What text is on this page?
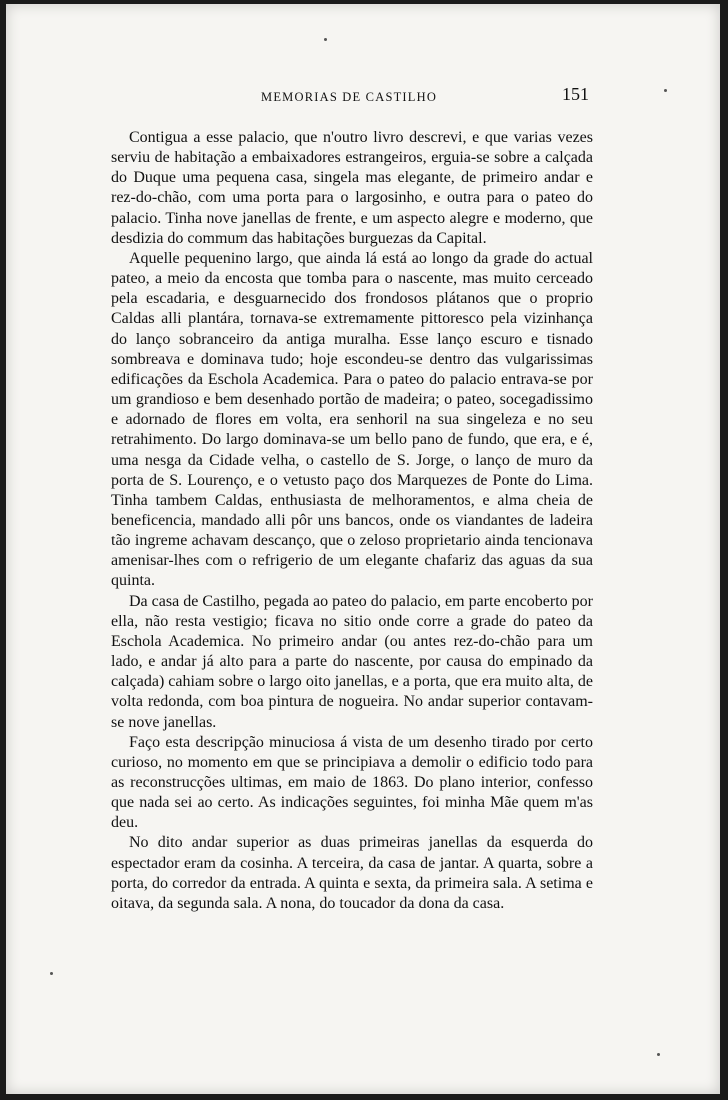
MEMORIAS DE CASTILHO	151

Contigua a esse palacio, que n'outro livro descrevi, e que varias vezes serviu de habitação a embaixadores estrangeiros, erguia-se sobre a calçada do Duque uma pequena casa, singela mas elegante, de primeiro andar e rez-do-chão, com uma porta para o largosinho, e outra para o pateo do palacio. Tinha nove janellas de frente, e um aspecto alegre e moderno, que desdizia do commum das habitações burguezas da Capital.

Aquelle pequenino largo, que ainda lá está ao longo da grade do actual pateo, a meio da encosta que tomba para o nascente, mas muito cerceado pela escadaria, e desguarnecido dos frondosos plátanos que o proprio Caldas alli plantára, tornava-se extremamente pittoresco pela vizinhança do lanço sobranceiro da antiga muralha. Esse lanço escuro e tisnado sombreava e dominava tudo; hoje escondeu-se dentro das vulgarissimas edificações da Eschola Academica. Para o pateo do palacio entrava-se por um grandioso e bem desenhado portão de madeira; o pateo, socegadissimo e adornado de flores em volta, era senhoril na sua singeleza e no seu retrahimento. Do largo dominava-se um bello pano de fundo, que era, e é, uma nesga da Cidade velha, o castello de S. Jorge, o lanço de muro da porta de S. Lourenço, e o vetusto paço dos Marquezes de Ponte do Lima. Tinha tambem Caldas, enthusiasta de melhoramentos, e alma cheia de beneficencia, mandado alli pôr uns bancos, onde os viandantes de ladeira tão ingreme achavam descanço, que o zeloso proprietario ainda tencionava amenisar-lhes com o refrigerio de um elegante chafariz das aguas da sua quinta.

Da casa de Castilho, pegada ao pateo do palacio, em parte encoberto por ella, não resta vestigio; ficava no sitio onde corre a grade do pateo da Eschola Academica. No primeiro andar (ou antes rez-do-chão para um lado, e andar já alto para a parte do nascente, por causa do empinado da calçada) cahiam sobre o largo oito janellas, e a porta, que era muito alta, de volta redonda, com boa pintura de nogueira. No andar superior contavam-se nove janellas.

Faço esta descripção minuciosa á vista de um desenho tirado por certo curioso, no momento em que se principiava a demolir o edificio todo para as reconstrucções ultimas, em maio de 1863. Do plano interior, confesso que nada sei ao certo. As indicações seguintes, foi minha Mãe quem m'as deu.

No dito andar superior as duas primeiras janellas da esquerda do espectador eram da cosinha. A terceira, da casa de jantar. A quarta, sobre a porta, do corredor da entrada. A quinta e sexta, da primeira sala. A setima e oitava, da segunda sala. A nona, do toucador da dona da casa.
